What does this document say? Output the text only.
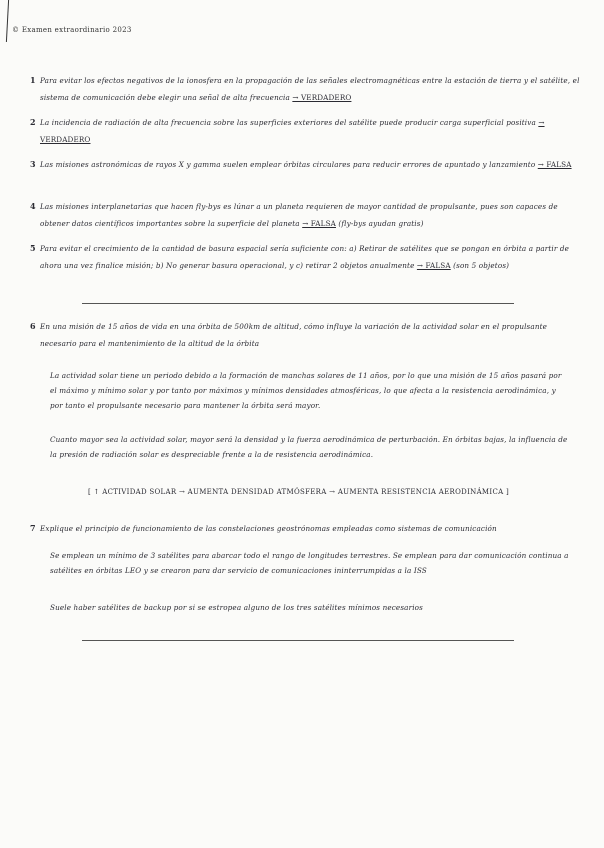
© Examen extraordinario 2023
1 Para evitar los efectos negativos de la ionosfera en la propagación de las señales electromagnéticas entre la estación de tierra y el satélite, el sistema de comunicación debe elegir una señal de alta frecuencia → VERDADERO
2 La incidencia de radiación de alta frecuencia sobre las superficies exteriores del satélite puede producir carga superficial positiva → VERDADERO
3 Las misiones astronómicas de rayos X y gamma suelen emplear órbitas circulares para reducir errores de apuntado y lanzamiento → FALSA
4 Las misiones interplanetarias que hacen fly-bys es lúnar a un planeta requieren de mayor cantidad de propulsante, pues son capaces de obtener datos científicos importantes sobre la superficie del planeta → FALSA (fly-bys ayudan gratis)
5 Para evitar el crecimiento de la cantidad de basura espacial sería suficiente con: a) Retirar de satélites que se pongan en órbita a partir de ahora una vez finalice misión; b) No generar basura operacional, y c) retirar 2 objetos anualmente → FALSA (son 5 objetos)
6 En una misión de 15 años de vida en una órbita de 500km de altitud, cómo influye la variación de la actividad solar en el propulsante necesario para el mantenimiento de la altitud de la órbita
La actividad solar tiene un periodo debido a la formación de manchas solares de 11 años, por lo que una misión de 15 años pasará por el máximo y mínimo solar y por tanto por máximos y mínimos densidades atmosféricas, lo que afecta a la resistencia aerodinámica, y por tanto el propulsante necesario para mantener la órbita será mayor.
Cuanto mayor sea la actividad solar, mayor será la densidad y la fuerza aerodinámica de perturbación. En órbitas bajas, la influencia de la presión de radiación solar es despreciable frente a la de resistencia aerodinámica.
[ ↑ ACTIVIDAD SOLAR → AUMENTA DENSIDAD ATMÓSFERA → AUMENTA RESISTENCIA AERODINÁMICA ]
7 Explique el principio de funcionamiento de las constelaciones geostrónomas empleadas como sistemas de comunicación
Se emplean un mínimo de 3 satélites para abarcar todo el rango de longitudes terrestres. Se emplean para dar comunicación continua a satélites en órbitas LEO y se crearon para dar servicio de comunicaciones ininterrumpidas a la ISS
Suele haber satélites de backup por si se estropea alguno de los tres satélites mínimos necesarios
